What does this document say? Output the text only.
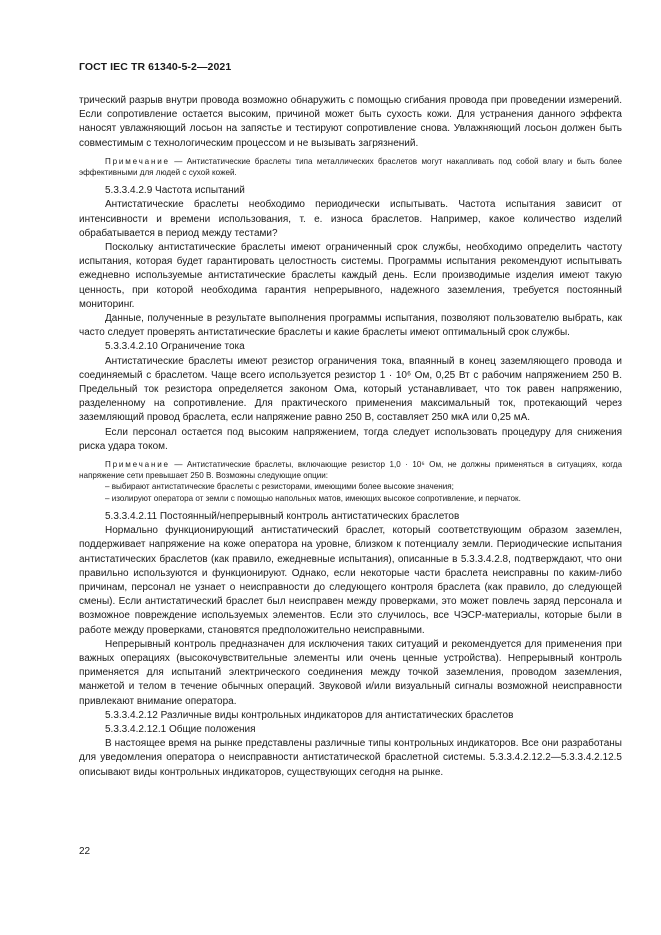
ГОСТ IEC TR 61340-5-2—2021

трический разрыв внутри провода возможно обнаружить с помощью сгибания провода при проведении измерений. Если сопротивление остается высоким, причиной может быть сухость кожи. Для устранения данного эффекта наносят увлажняющий лосьон на запястье и тестируют сопротивление снова. Увлажняющий лосьон должен быть совместимым с технологическим процессом и не вызывать загрязнений.

Примечание — Антистатические браслеты типа металлических браслетов могут накапливать под собой влагу и быть более эффективными для людей с сухой кожей.

5.3.3.4.2.9 Частота испытаний

Антистатические браслеты необходимо периодически испытывать. Частота испытания зависит от интенсивности и времени использования, т. е. износа браслетов. Например, какое количество изделий обрабатывается в период между тестами?

Поскольку антистатические браслеты имеют ограниченный срок службы, необходимо определить частоту испытания, которая будет гарантировать целостность системы. Программы испытания рекомендуют испытывать ежедневно используемые антистатические браслеты каждый день. Если производимые изделия имеют такую ценность, при которой необходима гарантия непрерывного, надежного заземления, требуется постоянный мониторинг.

Данные, полученные в результате выполнения программы испытания, позволяют пользователю выбрать, как часто следует проверять антистатические браслеты и какие браслеты имеют оптимальный срок службы.

5.3.3.4.2.10 Ограничение тока

Антистатические браслеты имеют резистор ограничения тока, впаянный в конец заземляющего провода и соединяемый с браслетом. Чаще всего используется резистор 1 · 10⁶ Ом, 0,25 Вт с рабочим напряжением 250 В. Предельный ток резистора определяется законом Ома, который устанавливает, что ток равен напряжению, разделенному на сопротивление. Для практического применения максимальный ток, протекающий через заземляющий провод браслета, если напряжение равно 250 В, составляет 250 мкА или 0,25 мА.

Если персонал остается под высоким напряжением, тогда следует использовать процедуру для снижения риска удара током.

Примечание — Антистатические браслеты, включающие резистор 1,0 · 10⁶ Ом, не должны применяться в ситуациях, когда напряжение сети превышает 250 В. Возможны следующие опции:

– выбирают антистатические браслеты с резисторами, имеющими более высокие значения;

– изолируют оператора от земли с помощью напольных матов, имеющих высокое сопротивление, и перчаток.

5.3.3.4.2.11 Постоянный/непрерывный контроль антистатических браслетов

Нормально функционирующий антистатический браслет, который соответствующим образом заземлен, поддерживает напряжение на коже оператора на уровне, близком к потенциалу земли. Периодические испытания антистатических браслетов (как правило, ежедневные испытания), описанные в 5.3.3.4.2.8, подтверждают, что они правильно используются и функционируют. Однако, если некоторые части браслета неисправны по каким-либо причинам, персонал не узнает о неисправности до следующего контроля браслета (как правило, до следующей смены). Если антистатический браслет был неисправен между проверками, это может повлечь заряд персонала и возможное повреждение используемых элементов. Если это случилось, все ЧЭСР-материалы, которые были в работе между проверками, становятся предположительно неисправными.

Непрерывный контроль предназначен для исключения таких ситуаций и рекомендуется для применения при важных операциях (высокочувствительные элементы или очень ценные устройства). Непрерывный контроль применяется для испытаний электрического соединения между точкой заземления, проводом заземления, манжетой и телом в течение обычных операций. Звуковой и/или визуальный сигналы возможной неисправности привлекают внимание оператора.

5.3.3.4.2.12 Различные виды контрольных индикаторов для антистатических браслетов

5.3.3.4.2.12.1 Общие положения

В настоящее время на рынке представлены различные типы контрольных индикаторов. Все они разработаны для уведомления оператора о неисправности антистатической браслетной системы. 5.3.3.4.2.12.2—5.3.3.4.2.12.5 описывают виды контрольных индикаторов, существующих сегодня на рынке.

22
